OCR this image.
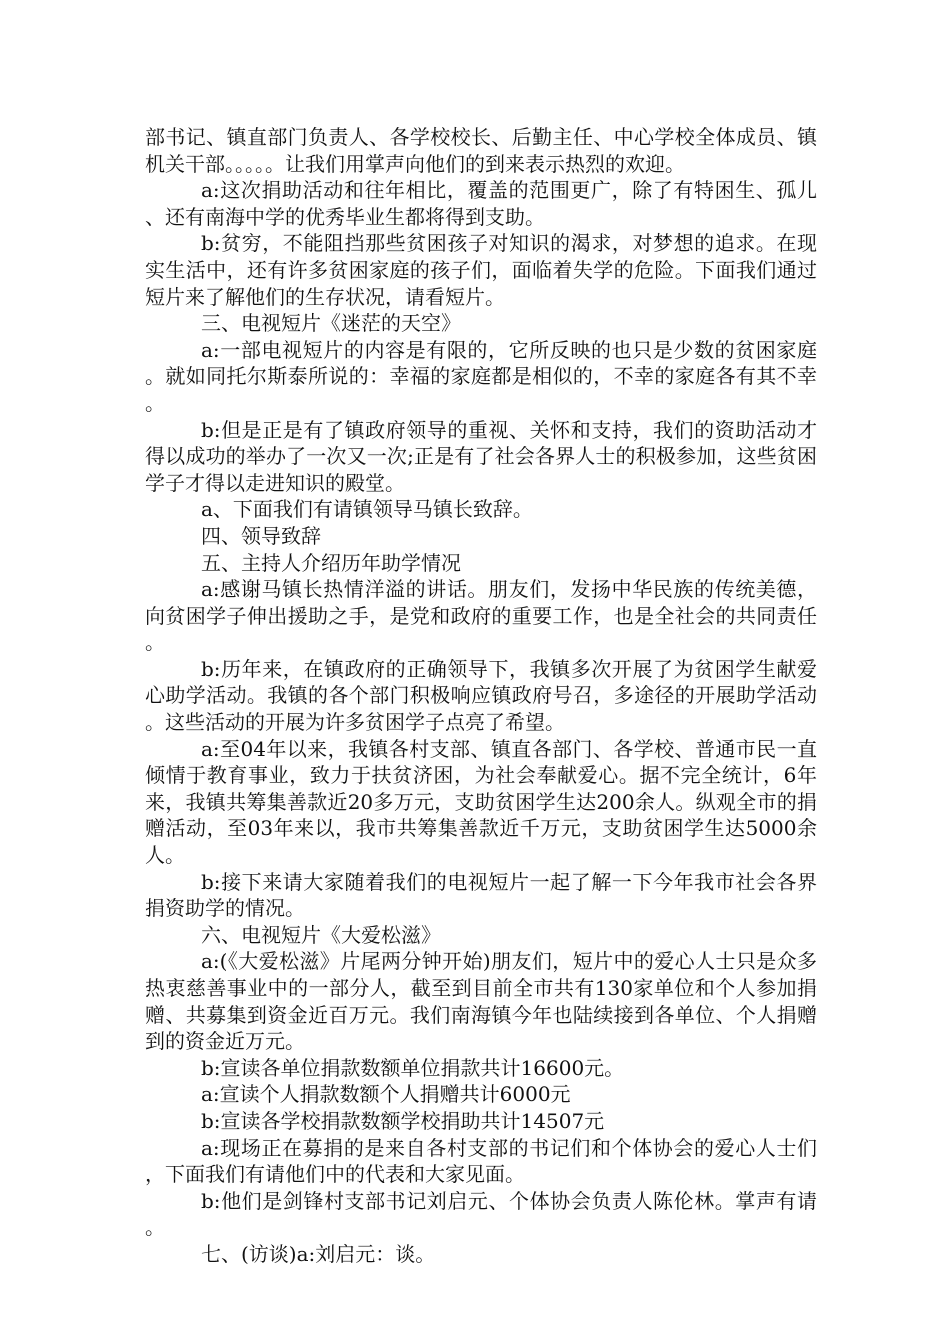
部书记、镇直部门负责人、各学校校长、后勤主任、中心学校全体成员、镇机关干部。。。。。让我们用掌声向他们的到来表示热烈的欢迎。

a:这次捐助活动和往年相比，覆盖的范围更广，除了有特困生、孤儿、还有南海中学的优秀毕业生都将得到支助。

b:贫穷，不能阻挡那些贫困孩子对知识的渴求，对梦想的追求。在现实生活中，还有许多贫困家庭的孩子们，面临着失学的危险。下面我们通过短片来了解他们的生存状况，请看短片。

三、电视短片《迷茫的天空》

a:一部电视短片的内容是有限的，它所反映的也只是少数的贫困家庭。就如同托尔斯泰所说的：幸福的家庭都是相似的，不幸的家庭各有其不幸。

b:但是正是有了镇政府领导的重视、关怀和支持，我们的资助活动才得以成功的举办了一次又一次;正是有了社会各界人士的积极参加，这些贫困学子才得以走进知识的殿堂。

a、下面我们有请镇领导马镇长致辞。

四、领导致辞

五、主持人介绍历年助学情况

a:感谢马镇长热情洋溢的讲话。朋友们，发扬中华民族的传统美德，向贫困学子伸出援助之手，是党和政府的重要工作，也是全社会的共同责任。

b:历年来，在镇政府的正确领导下，我镇多次开展了为贫困学生献爱心助学活动。我镇的各个部门积极响应镇政府号召，多途径的开展助学活动。这些活动的开展为许多贫困学子点亮了希望。

a:至04年以来，我镇各村支部、镇直各部门、各学校、普通市民一直倾情于教育事业，致力于扶贫济困，为社会奉献爱心。据不完全统计，6年来，我镇共筹集善款近20多万元，支助贫困学生达200余人。纵观全市的捐赠活动，至03年来以，我市共筹集善款近千万元，支助贫困学生达5000余人。

b:接下来请大家随着我们的电视短片一起了解一下今年我市社会各界捐资助学的情况。

六、电视短片《大爱松滋》

a:(《大爱松滋》片尾两分钟开始)朋友们，短片中的爱心人士只是众多热衷慈善事业中的一部分人，截至到目前全市共有130家单位和个人参加捐赠、共募集到资金近百万元。我们南海镇今年也陆续接到各单位、个人捐赠到的资金近万元。

b:宣读各单位捐款数额单位捐款共计16600元。

a:宣读个人捐款数额个人捐赠共计6000元

b:宣读各学校捐款数额学校捐助共计14507元

a:现场正在募捐的是来自各村支部的书记们和个体协会的爱心人士们，下面我们有请他们中的代表和大家见面。

b:他们是剑锋村支部书记刘启元、个体协会负责人陈伦林。掌声有请。

七、(访谈)a:刘启元：谈。
